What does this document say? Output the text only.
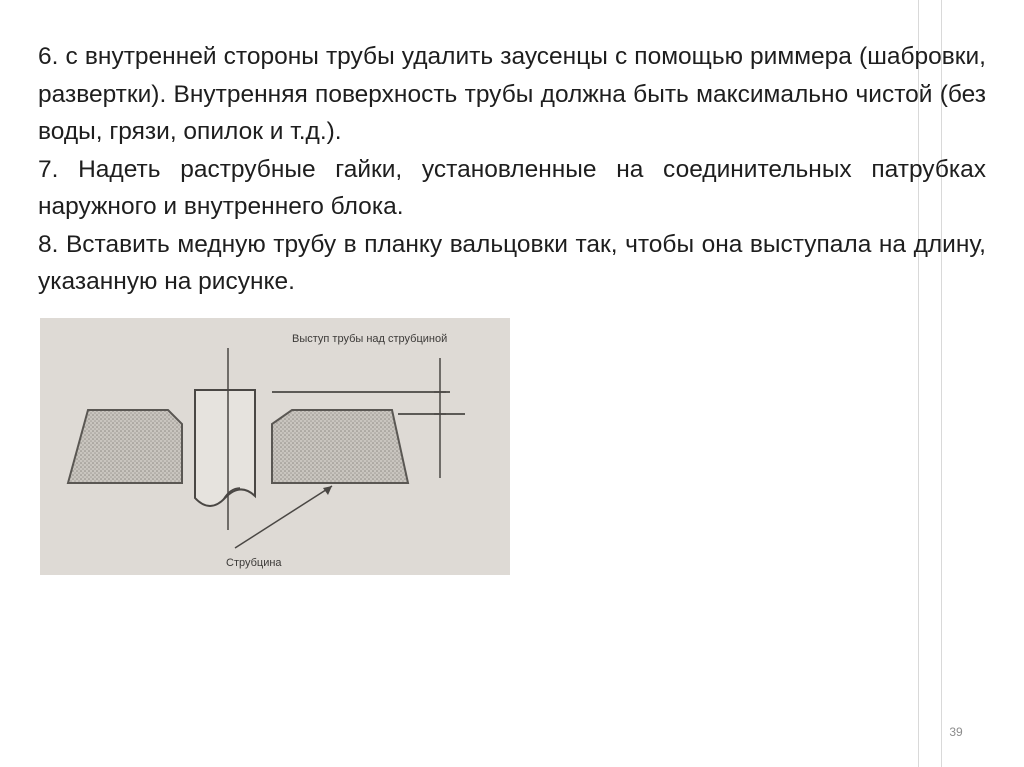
6. с внутренней стороны трубы удалить заусенцы с помощью риммера (шабровки, развертки). Внутренняя поверхность трубы должна быть максимально чистой (без воды, грязи, опилок и т.д.).

7. Надеть раструбные гайки, установленные на соединительных патрубках наружного и внутреннего блока.

8. Вставить медную трубу в планку вальцовки так, чтобы она выступала на длину, указанную на рисунке.

Выступ трубы над струбциной
Струбцина
39
